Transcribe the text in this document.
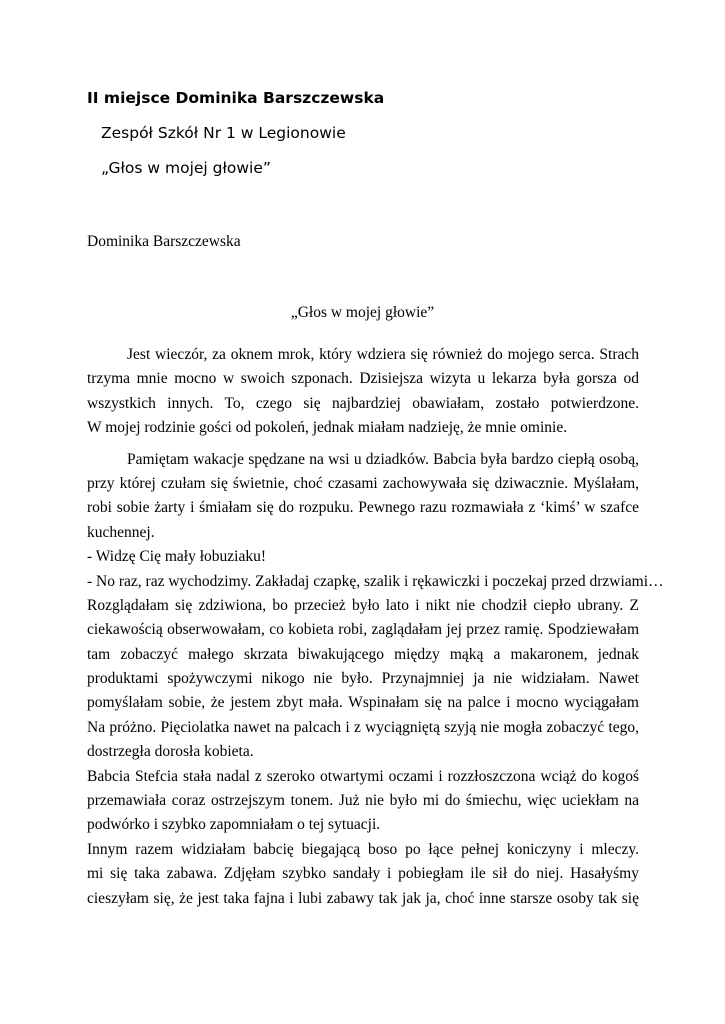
II miejsce Dominika Barszczewska
Zespół Szkół Nr 1 w Legionowie
„Głos w mojej głowie”
Dominika Barszczewska
„Głos w mojej głowie”
Jest wieczór, za oknem mrok, który wdziera się również do mojego serca. Strach
trzyma mnie mocno w swoich szponach. Dzisiejsza wizyta u lekarza była gorsza od
wszystkich innych. To, czego się najbardziej obawiałam, zostało potwierdzone.
W mojej rodzinie gości od pokoleń, jednak miałam nadzieję, że mnie ominie.
Pamiętam wakacje spędzane na wsi u dziadków. Babcia była bardzo ciepłą osobą,
przy której czułam się świetnie, choć czasami zachowywała się dziwacznie. Myślałam,
robi sobie żarty i śmiałam się do rozpuku. Pewnego razu rozmawiała z ‘kimś’ w szafce
kuchennej.
- Widzę Cię mały łobuziaku!
- No raz, raz wychodzimy. Zakładaj czapkę, szalik i rękawiczki i poczekaj przed drzwiami…
Rozglądałam się zdziwiona, bo przecież było lato i nikt nie chodził ciepło ubrany. Z
ciekawością obserwowałam, co kobieta robi, zaglądałam jej przez ramię. Spodziewałam
tam zobaczyć małego skrzata biwakującego między mąką a makaronem, jednak
produktami spożywczymi nikogo nie było. Przynajmniej ja nie widziałam. Nawet
pomyślałam sobie, że jestem zbyt mała. Wspinałam się na palce i mocno wyciągałam
Na próżno. Pięciolatka nawet na palcach i z wyciągniętą szyją nie mogła zobaczyć tego,
dostrzegła dorosła kobieta.
Babcia Stefcia stała nadal z szeroko otwartymi oczami i rozzłoszczona wciąż do kogoś
przemawiała coraz ostrzejszym tonem. Już nie było mi do śmiechu, więc uciekłam na
podwórko i szybko zapomniałam o tej sytuacji.
Innym razem widziałam babcię biegającą boso po łące pełnej koniczyny i mleczy.
mi się taka zabawa. Zdjęłam szybko sandały i pobiegłam ile sił do niej. Hasałyśmy
cieszyłam się, że jest taka fajna i lubi zabawy tak jak ja, choć inne starsze osoby tak się
